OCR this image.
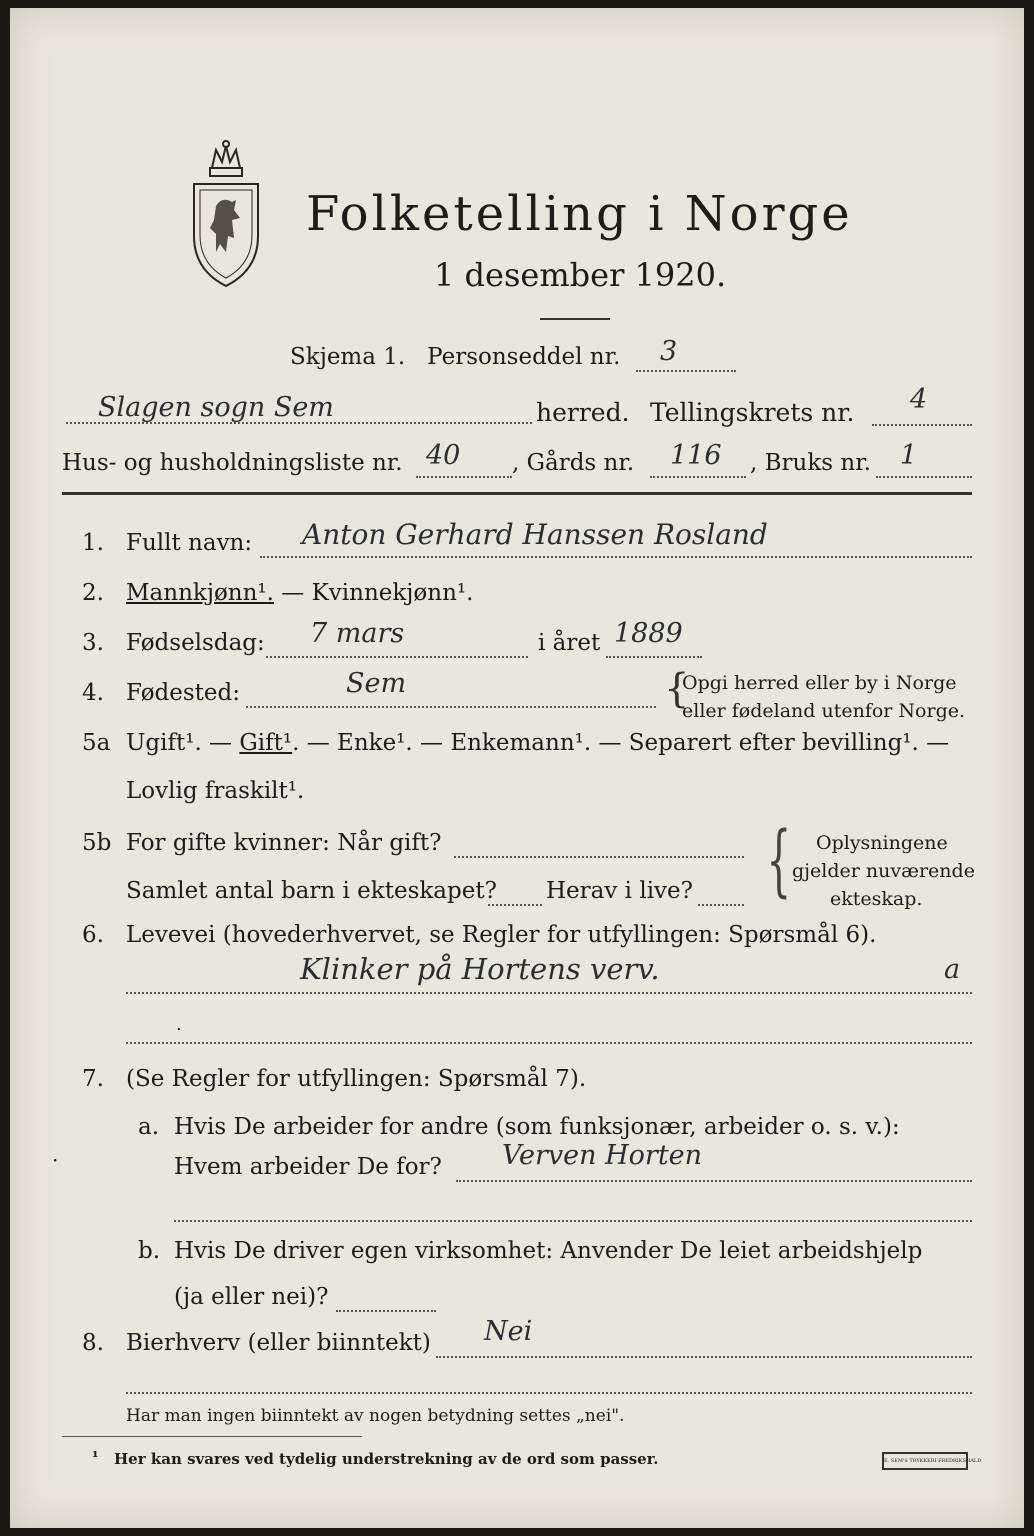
Folketelling i Norge
1 desember 1920.
Skjema 1. Personseddel nr. 3
Slagen sogn Sem	herred. Tellingskrets nr. 4
Hus- og husholdningsliste nr. 40 , Gårds nr. 116 , Bruks nr. 1
1. Fullt navn: Anton Gerhard Hanssen Rosland
2. Mannkjønn¹. — Kvinnekjønn¹.
3. Fødselsdag: 7 mars	i året 1889
4. Fødested:	Sem	{
Opgi herred eller by i Norge
eller fødeland utenfor Norge.
5a Ugift¹. — Gift¹. — Enke¹. — Enkemann¹. — Separert efter bevilling¹. —
Lovlig fraskilt¹.
5b For gifte kvinner: Når gift?
Samlet antal barn i ekteskapet? Herav i live? { Oplysningene
gjelder nuværende
ekteskap.
6. Levevei (hovederhvervet, se Regler for utfyllingen: Spørsmål 6).
Klinker på Hortens verv.	a
.
7. (Se Regler for utfyllingen: Spørsmål 7).
a. Hvis De arbeider for andre (som funksjonær, arbeider o. s. v.):
Hvem arbeider De for? Verven Horten
b. Hvis De driver egen virksomhet: Anvender De leiet arbeidshjelp
(ja eller nei)?
8. Bierhverv (eller biinntekt) Nei
Har man ingen biinntekt av nogen betydning settes „nei".
¹ Her kan svares ved tydelig understrekning av de ord som passer.	E. SEM'S TRYKKERI FREDRIKSHALD
·
